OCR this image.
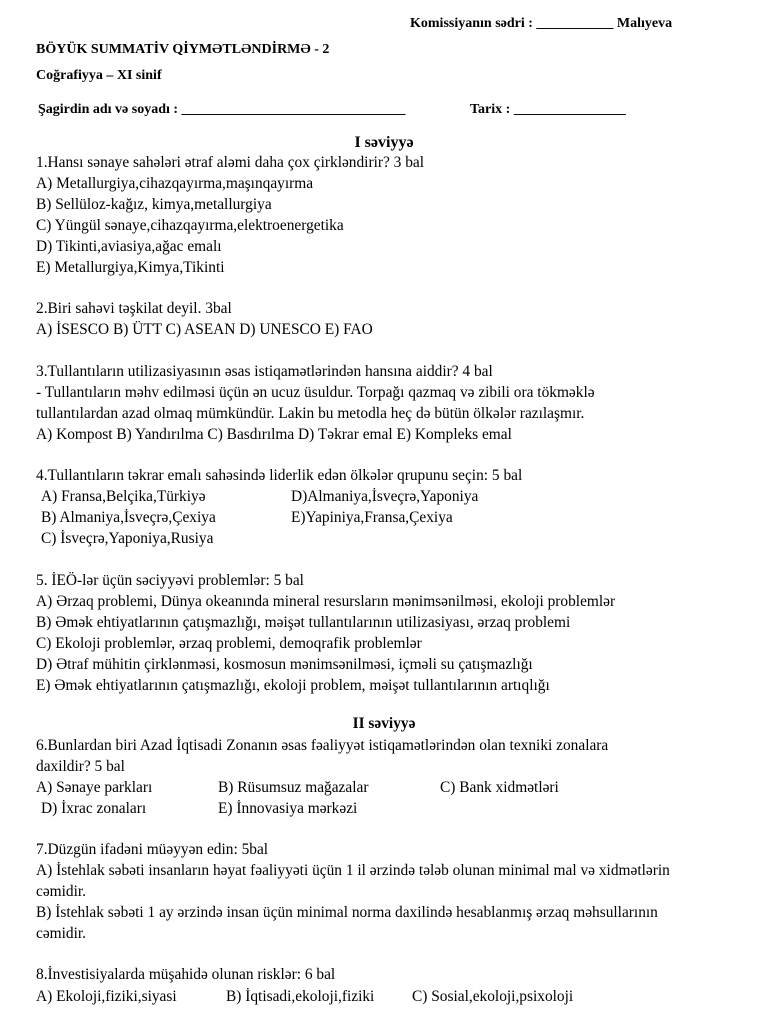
Komissiyanın sədri : ___________ Malıyeva
BÖYÜK SUMMATİV QİYMƏTLƏNDİRMƏ - 2
Coğrafiyya – XI sinif
Şagirdin adı və soyadı : ________________________________	Tarix : ________________
I səviyyə
1.Hansı sənaye sahələri ətraf aləmi daha çox çirkləndirir? 3 bal
A) Metallurgiya,cihazqayırma,maşınqayırma
B) Sellüloz-kağız, kimya,metallurgiya
C) Yüngül sənaye,cihazqayırma,elektroenergetika
D) Tikinti,aviasiya,ağac emalı
E) Metallurgiya,Kimya,Tikinti
2.Biri sahəvi təşkilat deyil. 3bal
A) İSESCO B) ÜTT C) ASEAN D) UNESCO E) FAO
3.Tullantıların utilizasiyasının əsas istiqamətlərindən hansına aiddir? 4 bal
- Tullantıların məhv edilməsi üçün ən ucuz üsuldur. Torpağı qazmaq və zibili ora tökməklə
tullantılardan azad olmaq mümkündür. Lakin bu metodla heç də bütün ölkələr razılaşmır.
A) Kompost B) Yandırılma C) Basdırılma D) Təkrar emal E) Kompleks emal
4.Tullantıların təkrar emalı sahəsində liderlik edən ölkələr qrupunu seçin: 5 bal
A) Fransa,Belçika,Türkiyə	D)Almaniya,İsveçrə,Yaponiya
B) Almaniya,İsveçrə,Çexiya	E)Yapiniya,Fransa,Çexiya
C) İsveçrə,Yaponiya,Rusiya
5. İEÖ-lər üçün səciyyəvi problemlər: 5 bal
A) Ərzaq problemi, Dünya okeanında mineral resursların mənimsənilməsi, ekoloji problemlər
B) Əmək ehtiyatlarının çatışmazlığı, məişət tullantılarının utilizasiyası, ərzaq problemi
C) Ekoloji problemlər, ərzaq problemi, demoqrafik problemlər
D) Ətraf mühitin çirklənməsi, kosmosun mənimsənilməsi, içməli su çatışmazlığı
E) Əmək ehtiyatlarının çatışmazlığı, ekoloji problem, məişət tullantılarının artıqlığı
II səviyyə
6.Bunlardan biri Azad İqtisadi Zonanın əsas fəaliyyət istiqamətlərindən olan texniki zonalara
daxildir? 5 bal
A) Sənaye parkları	B) Rüsumsuz mağazalar	C) Bank xidmətləri
D) İxrac zonaları	E) İnnovasiya mərkəzi
7.Düzgün ifadəni müəyyən edin: 5bal
A) İstehlak səbəti insanların həyat fəaliyyəti üçün 1 il ərzində tələb olunan minimal mal və xidmətlərin
cəmidir.
B) İstehlak səbəti 1 ay ərzində insan üçün minimal norma daxilində hesablanmış ərzaq məhsullarının
cəmidir.
8.İnvestisiyalarda müşahidə olunan risklər: 6 bal
A) Ekoloji,fiziki,siyasi	B) İqtisadi,ekoloji,fiziki C) Sosial,ekoloji,psixoloji
